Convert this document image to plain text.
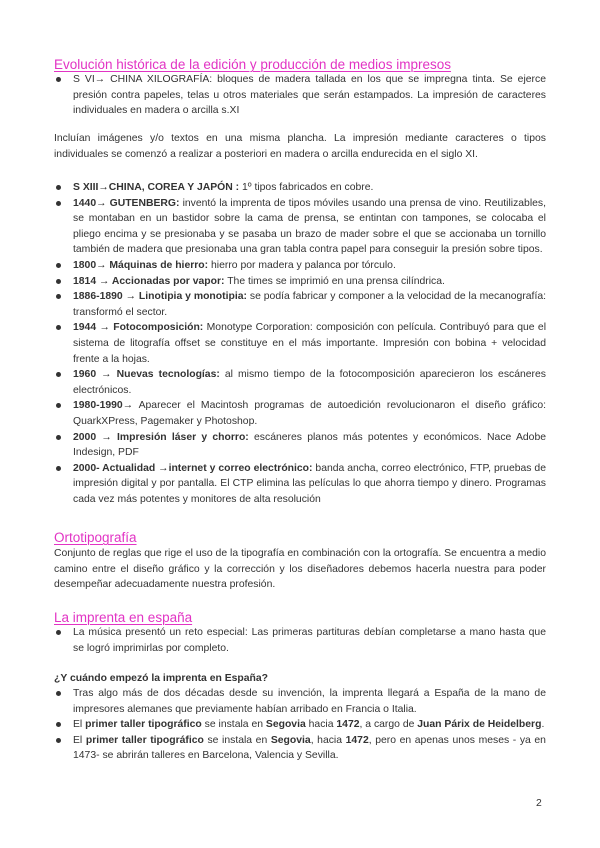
Evolución histórica de la edición y producción de medios impresos
S VI→ CHINA XILOGRAFÍA: bloques de madera tallada en los que se impregna tinta. Se ejerce presión contra papeles, telas u otros materiales que serán estampados. La impresión de caracteres individuales en madera o arcilla s.XI
Incluían imágenes y/o textos en una misma plancha. La impresión mediante caracteres o tipos individuales se comenzó a realizar a posteriori en madera o arcilla endurecida en el siglo XI.
S XIII→CHINA, COREA Y JAPÓN : 1º tipos fabricados en cobre.
1440→ GUTENBERG: inventó la imprenta de tipos móviles usando una prensa de vino. Reutilizables, se montaban en un bastidor sobre la cama de prensa, se entintan con tampones, se colocaba el pliego encima y se presionaba y se pasaba un brazo de mader sobre el que se accionaba un tornillo también de madera que presionaba una gran tabla contra papel para conseguir la presión sobre tipos.
1800→ Máquinas de hierro: hierro por madera y palanca por tórculo.
1814 → Accionadas por vapor: The times se imprimió en una prensa cilíndrica.
1886-1890 → Linotipia y monotipia: se podía fabricar y componer a la velocidad de la mecanografía: transformó el sector.
1944 → Fotocomposición: Monotype Corporation: composición con película. Contribuyó para que el sistema de litografía offset se constituye en el más importante. Impresión con bobina + velocidad frente a la hojas.
1960 → Nuevas tecnologías: al mismo tiempo de la fotocomposición aparecieron los escáneres electrónicos.
1980-1990→ Aparecer el Macintosh programas de autoedición revolucionaron el diseño gráfico: QuarkXPress, Pagemaker y Photoshop.
2000 → Impresión láser y chorro: escáneres planos más potentes y económicos. Nace Adobe Indesign, PDF
2000- Actualidad →internet y correo electrónico: banda ancha, correo electrónico, FTP, pruebas de impresión digital y por pantalla. El CTP elimina las películas lo que ahorra tiempo y dinero. Programas cada vez más potentes y monitores de alta resolución
Ortotipografía
Conjunto de reglas que rige el uso de la tipografía en combinación con la ortografía. Se encuentra a medio camino entre el diseño gráfico y la corrección y los diseñadores debemos hacerla nuestra para poder desempeñar adecuadamente nuestra profesión.
La imprenta en españa
La música presentó un reto especial: Las primeras partituras debían completarse a mano hasta que se logró imprimirlas por completo.
¿Y cuándo empezó la imprenta en España?
Tras algo más de dos décadas desde su invención, la imprenta llegará a España de la mano de impresores alemanes que previamente habían arribado en Francia o Italia.
El primer taller tipográfico se instala en Segovia hacia 1472, a cargo de Juan Párix de Heidelberg.
El primer taller tipográfico se instala en Segovia, hacia 1472, pero en apenas unos meses - ya en 1473- se abrirán talleres en Barcelona, Valencia y Sevilla.
2
